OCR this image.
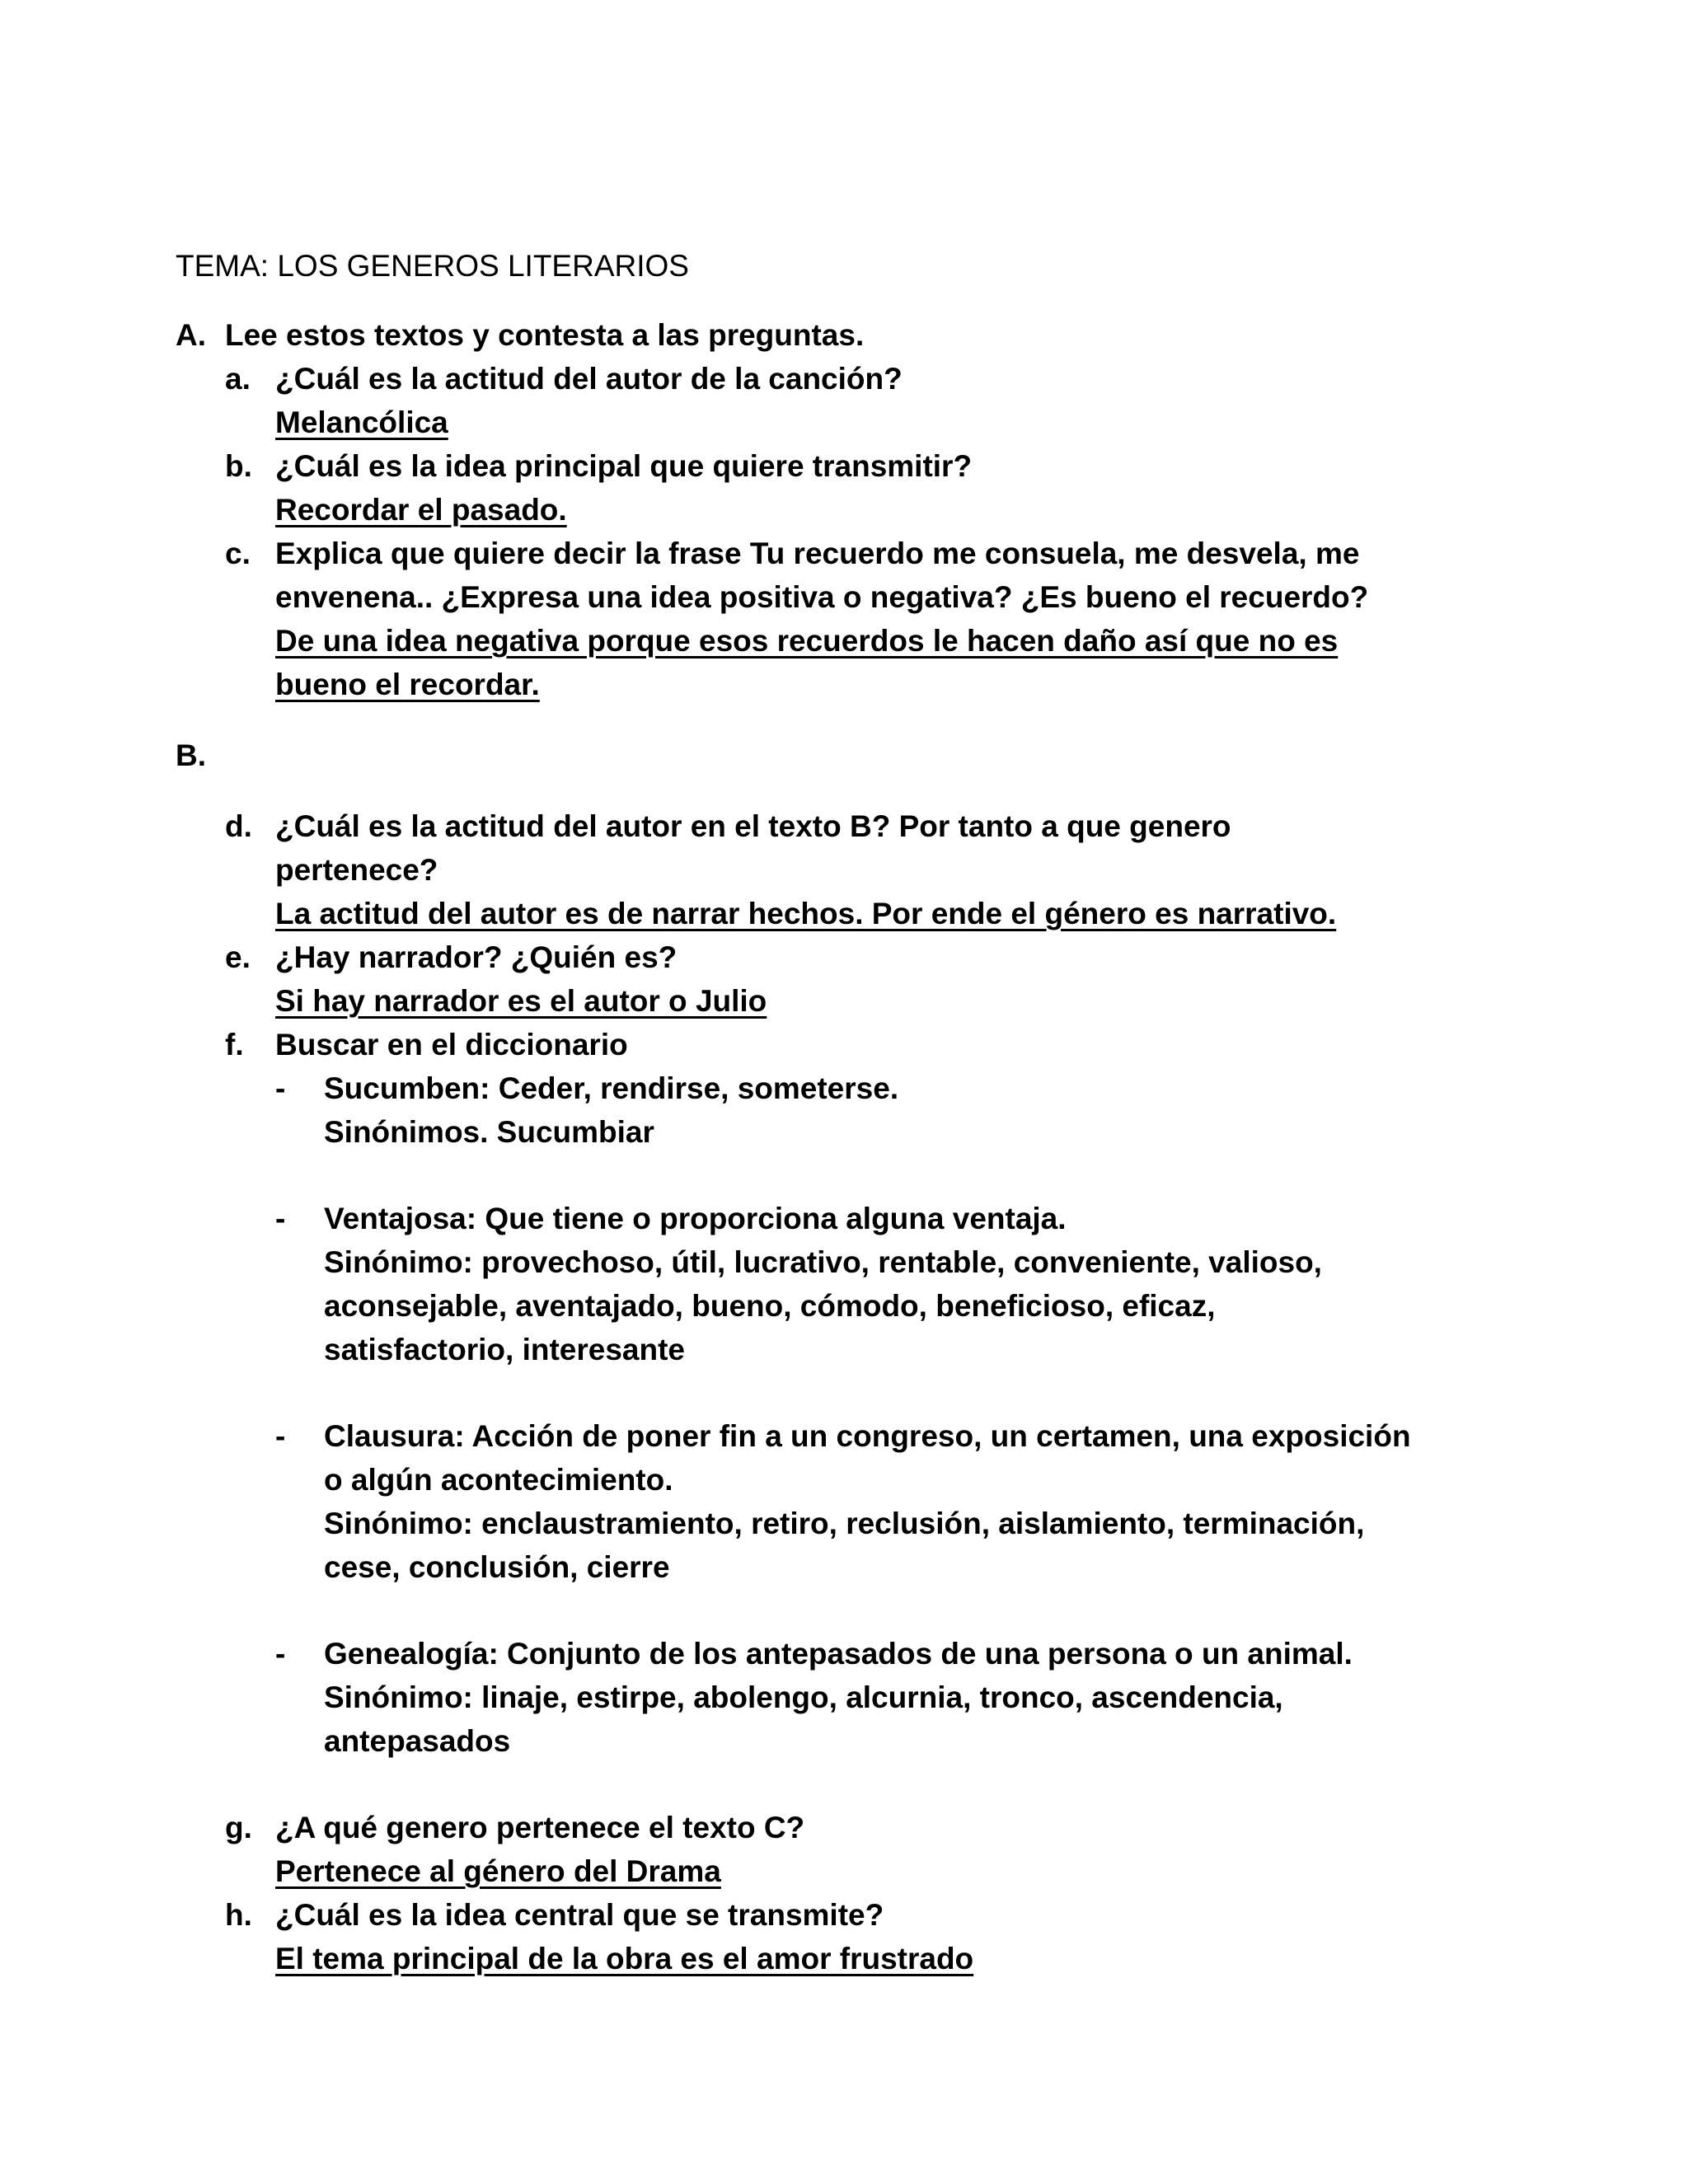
TEMA: LOS GENEROS LITERARIOS
A. Lee estos textos y contesta a las preguntas.
a. ¿Cuál es la actitud del autor de la canción?
Melancólica
b. ¿Cuál es la idea principal que quiere transmitir?
Recordar el pasado.
c. Explica que quiere decir la frase Tu recuerdo me consuela, me desvela, me
envenena.. ¿Expresa una idea positiva o negativa? ¿Es bueno el recuerdo?
De una idea negativa porque esos recuerdos le hacen daño así que no es
bueno el recordar.
B.
d. ¿Cuál es la actitud del autor en el texto B? Por tanto a que genero
pertenece?
La actitud del autor es de narrar hechos. Por ende el género es narrativo.
e. ¿Hay narrador? ¿Quién es?
Si hay narrador es el autor o Julio
f. Buscar en el diccionario
- Sucumben: Ceder, rendirse, someterse.
Sinónimos. Sucumbiar
- Ventajosa: Que tiene o proporciona alguna ventaja.
Sinónimo: provechoso, útil, lucrativo, rentable, conveniente, valioso,
aconsejable, aventajado, bueno, cómodo, beneficioso, eficaz,
satisfactorio, interesante
- Clausura: Acción de poner fin a un congreso, un certamen, una exposición
o algún acontecimiento.
Sinónimo: enclaustramiento, retiro, reclusión, aislamiento, terminación,
cese, conclusión, cierre
- Genealogía: Conjunto de los antepasados de una persona o un animal.
Sinónimo: linaje, estirpe, abolengo, alcurnia, tronco, ascendencia,
antepasados
g. ¿A qué genero pertenece el texto C?
Pertenece al género del Drama
h. ¿Cuál es la idea central que se transmite?
El tema principal de la obra es el amor frustrado
